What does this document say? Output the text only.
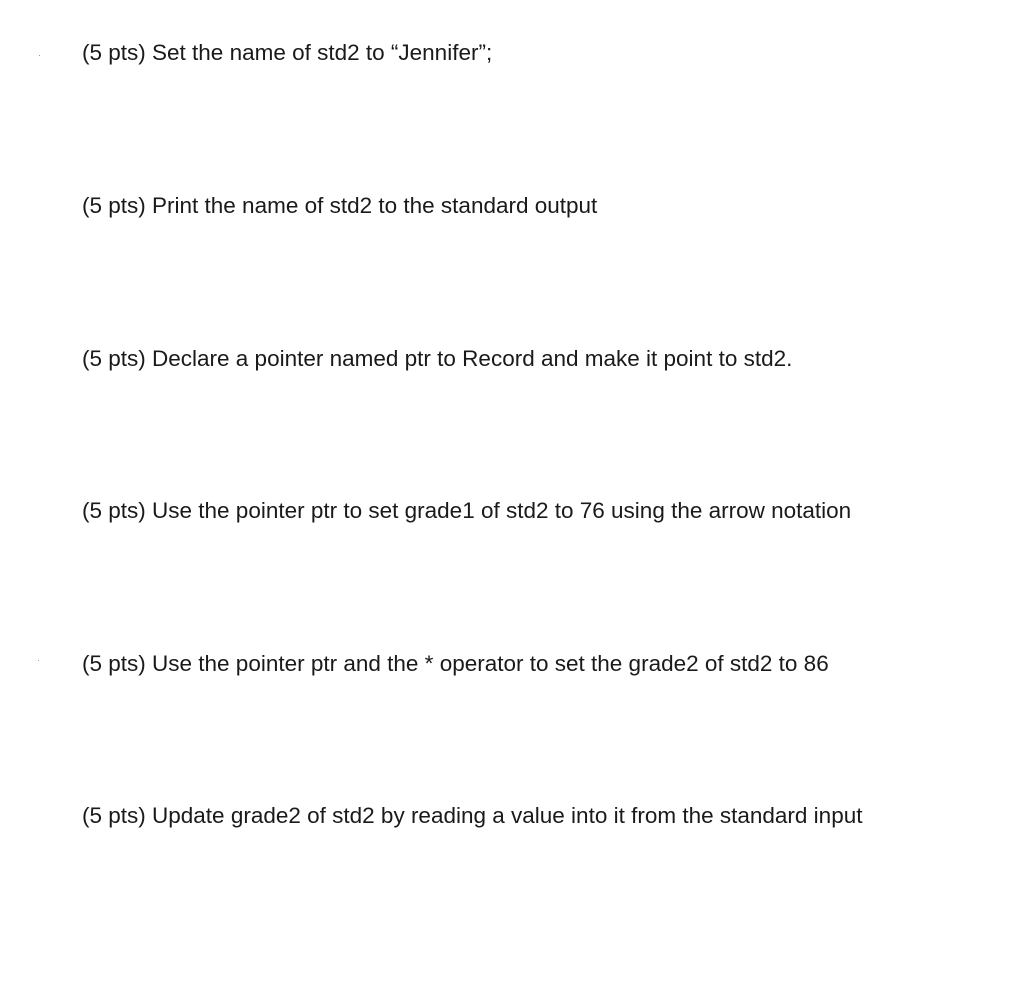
(5 pts) Set the name of std2 to “Jennifer”;

(5 pts) Print the name of std2 to the standard output

(5 pts) Declare a pointer named ptr to Record and make it point to std2.

(5 pts) Use the pointer ptr to set grade1 of std2 to 76 using the arrow notation

(5 pts) Use the pointer ptr and the * operator to set the grade2 of std2 to 86

(5 pts) Update grade2 of std2 by reading a value into it from the standard input
